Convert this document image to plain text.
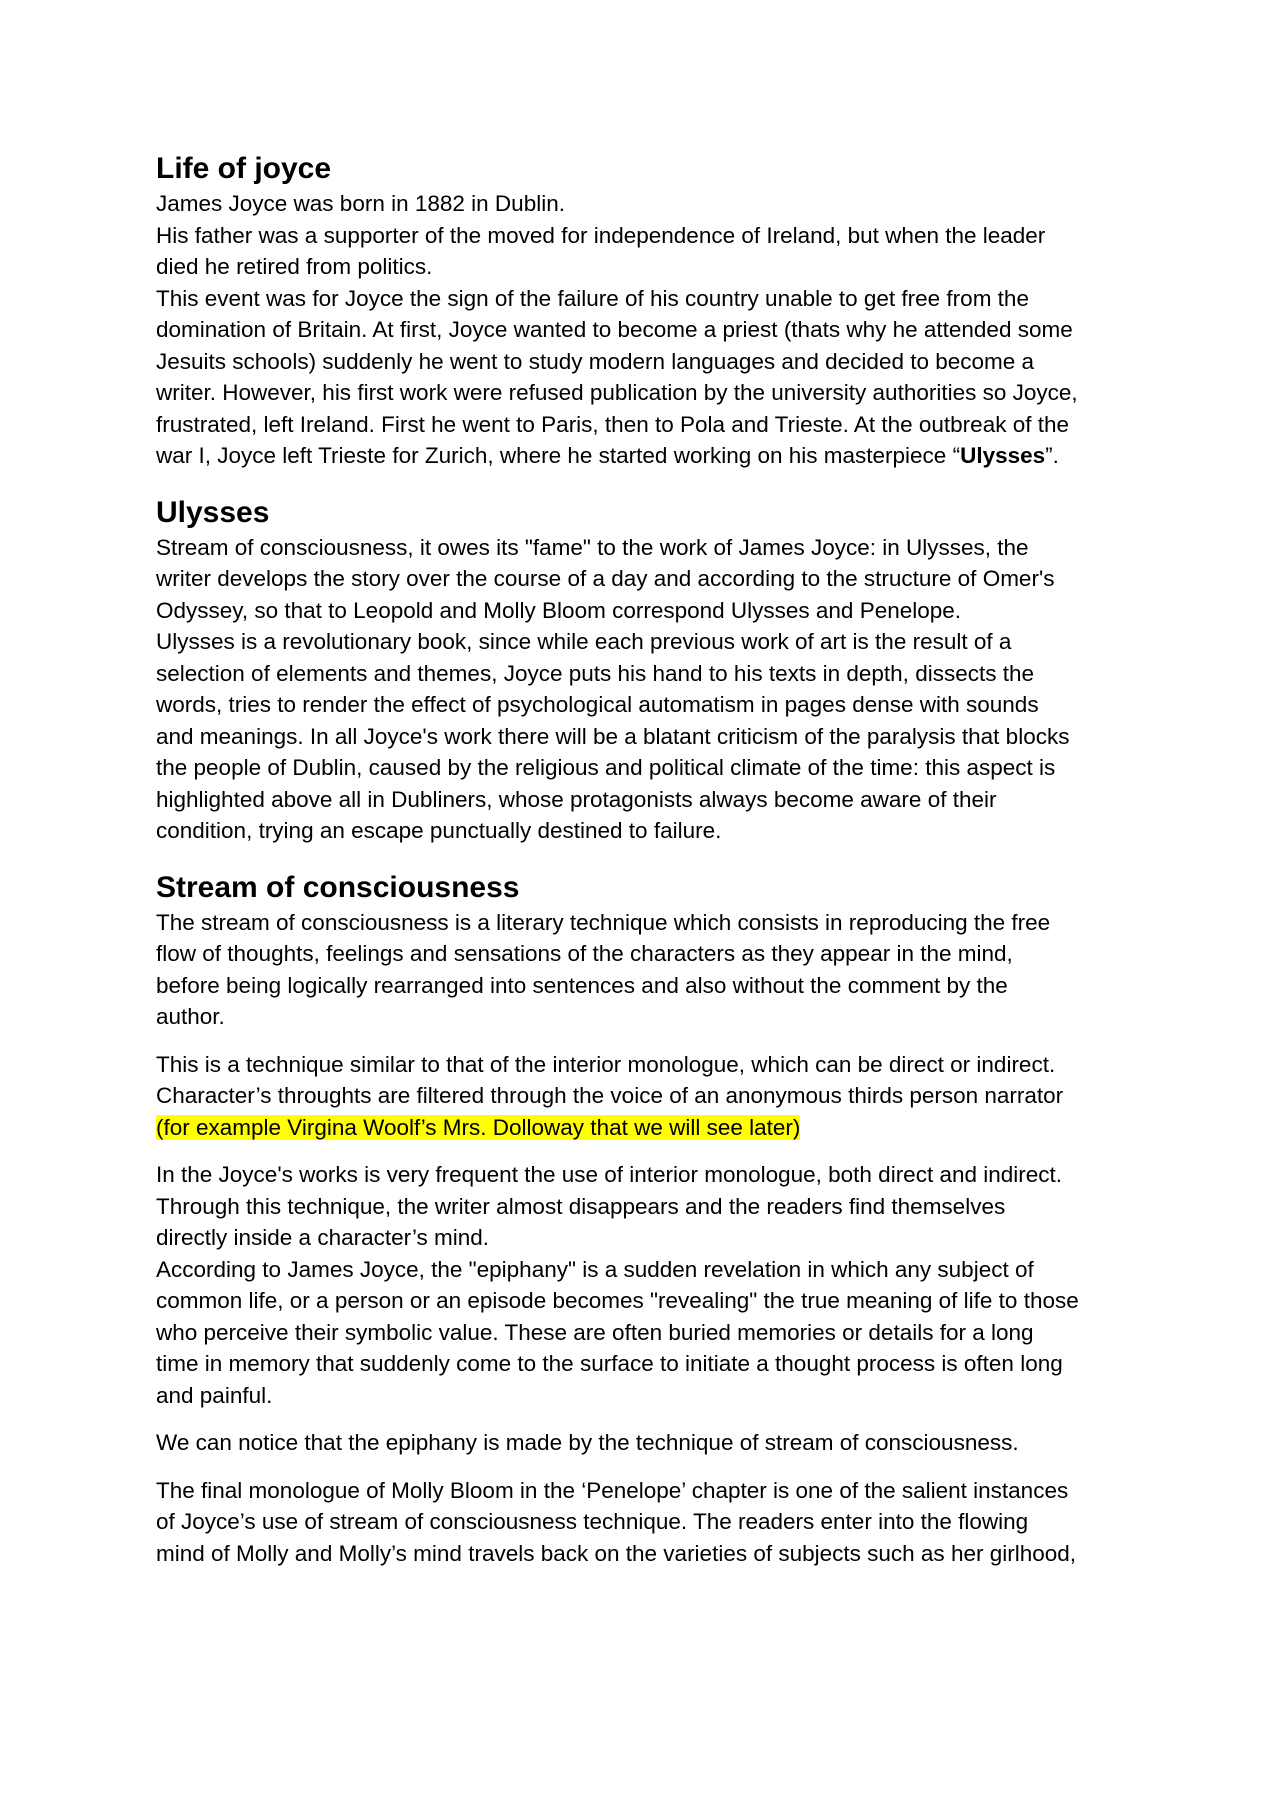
Life of joyce
James Joyce was born in 1882 in Dublin.
His father was a supporter of the moved for independence of Ireland, but when the leader
died he retired from politics.
This event was for Joyce the sign of the failure of his country unable to get free from the
domination of Britain. At first, Joyce wanted to become a priest (thats why he attended some
Jesuits schools) suddenly he went to study modern languages and decided to become a
writer. However, his first work were refused publication by the university authorities so Joyce,
frustrated, left Ireland. First he went to Paris, then to Pola and Trieste. At the outbreak of the
war I, Joyce left Trieste for Zurich, where he started working on his masterpiece “Ulysses”.
Ulysses
Stream of consciousness, it owes its "fame" to the work of James Joyce: in Ulysses, the
writer develops the story over the course of a day and according to the structure of Omer's
Odyssey, so that to Leopold and Molly Bloom correspond Ulysses and Penelope.
Ulysses is a revolutionary book, since while each previous work of art is the result of a
selection of elements and themes, Joyce puts his hand to his texts in depth, dissects the
words, tries to render the effect of psychological automatism in pages dense with sounds
and meanings. In all Joyce's work there will be a blatant criticism of the paralysis that blocks
the people of Dublin, caused by the religious and political climate of the time: this aspect is
highlighted above all in Dubliners, whose protagonists always become aware of their
condition, trying an escape punctually destined to failure.
Stream of consciousness
The stream of consciousness is a literary technique which consists in reproducing the free
flow of thoughts, feelings and sensations of the characters as they appear in the mind,
before being logically rearranged into sentences and also without the comment by the
author.
This is a technique similar to that of the interior monologue, which can be direct or indirect.
Character’s throughts are filtered through the voice of an anonymous thirds person narrator
(for example Virgina Woolf’s Mrs. Dolloway that we will see later)
In the Joyce's works is very frequent the use of interior monologue, both direct and indirect.
Through this technique, the writer almost disappears and the readers find themselves
directly inside a character’s mind.
According to James Joyce, the "epiphany" is a sudden revelation in which any subject of
common life, or a person or an episode becomes "revealing" the true meaning of life to those
who perceive their symbolic value. These are often buried memories or details for a long
time in memory that suddenly come to the surface to initiate a thought process is often long
and painful.
We can notice that the epiphany is made by the technique of stream of consciousness.
The final monologue of Molly Bloom in the ‘Penelope’ chapter is one of the salient instances
of Joyce’s use of stream of consciousness technique. The readers enter into the flowing
mind of Molly and Molly’s mind travels back on the varieties of subjects such as her girlhood,
